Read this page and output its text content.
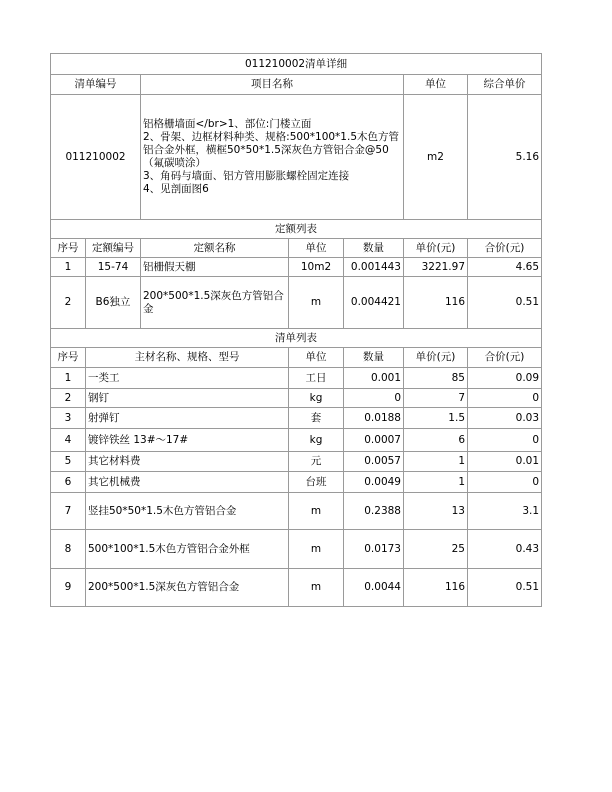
011210002清单详细						
清单编号		项目名称			单位	综合单价
011210002		铝格栅墙面</br>1、部位:门楼立面
2、骨架、边框材料种类、规格:500*100*1.5木色方管铝合金外框，横框50*50*1.5深灰色方管铝合金@50（氟碳喷涂）
3、角码与墙面、铝方管用膨胀螺栓固定连接
4、见剖面图6			m2	5.16
定额列表						
序号	定额编号	定额名称	单位	数量	单价(元)	合价(元)
1	15-74	铝栅假天棚	10m2	0.001443	3221.97	4.65
2	B6独立	200*500*1.5深灰色方管铝合金	m	0.004421	116	0.51
清单列表						
序号	主材名称、规格、型号		单位	数量	单价(元)	合价(元)
1	一类工		工日	0.001	85	0.09
2	钢钉		kg	0	7	0
3	射弹钉		套	0.0188	1.5	0.03
4	镀锌铁丝 13#～17#		kg	0.0007	6	0
5	其它材料费		元	0.0057	1	0.01
6	其它机械费		台班	0.0049	1	0
7	竖挂50*50*1.5木色方管铝合金		m	0.2388	13	3.1
8	500*100*1.5木色方管铝合金外框		m	0.0173	25	0.43
9	200*500*1.5深灰色方管铝合金		m	0.0044	116	0.51
